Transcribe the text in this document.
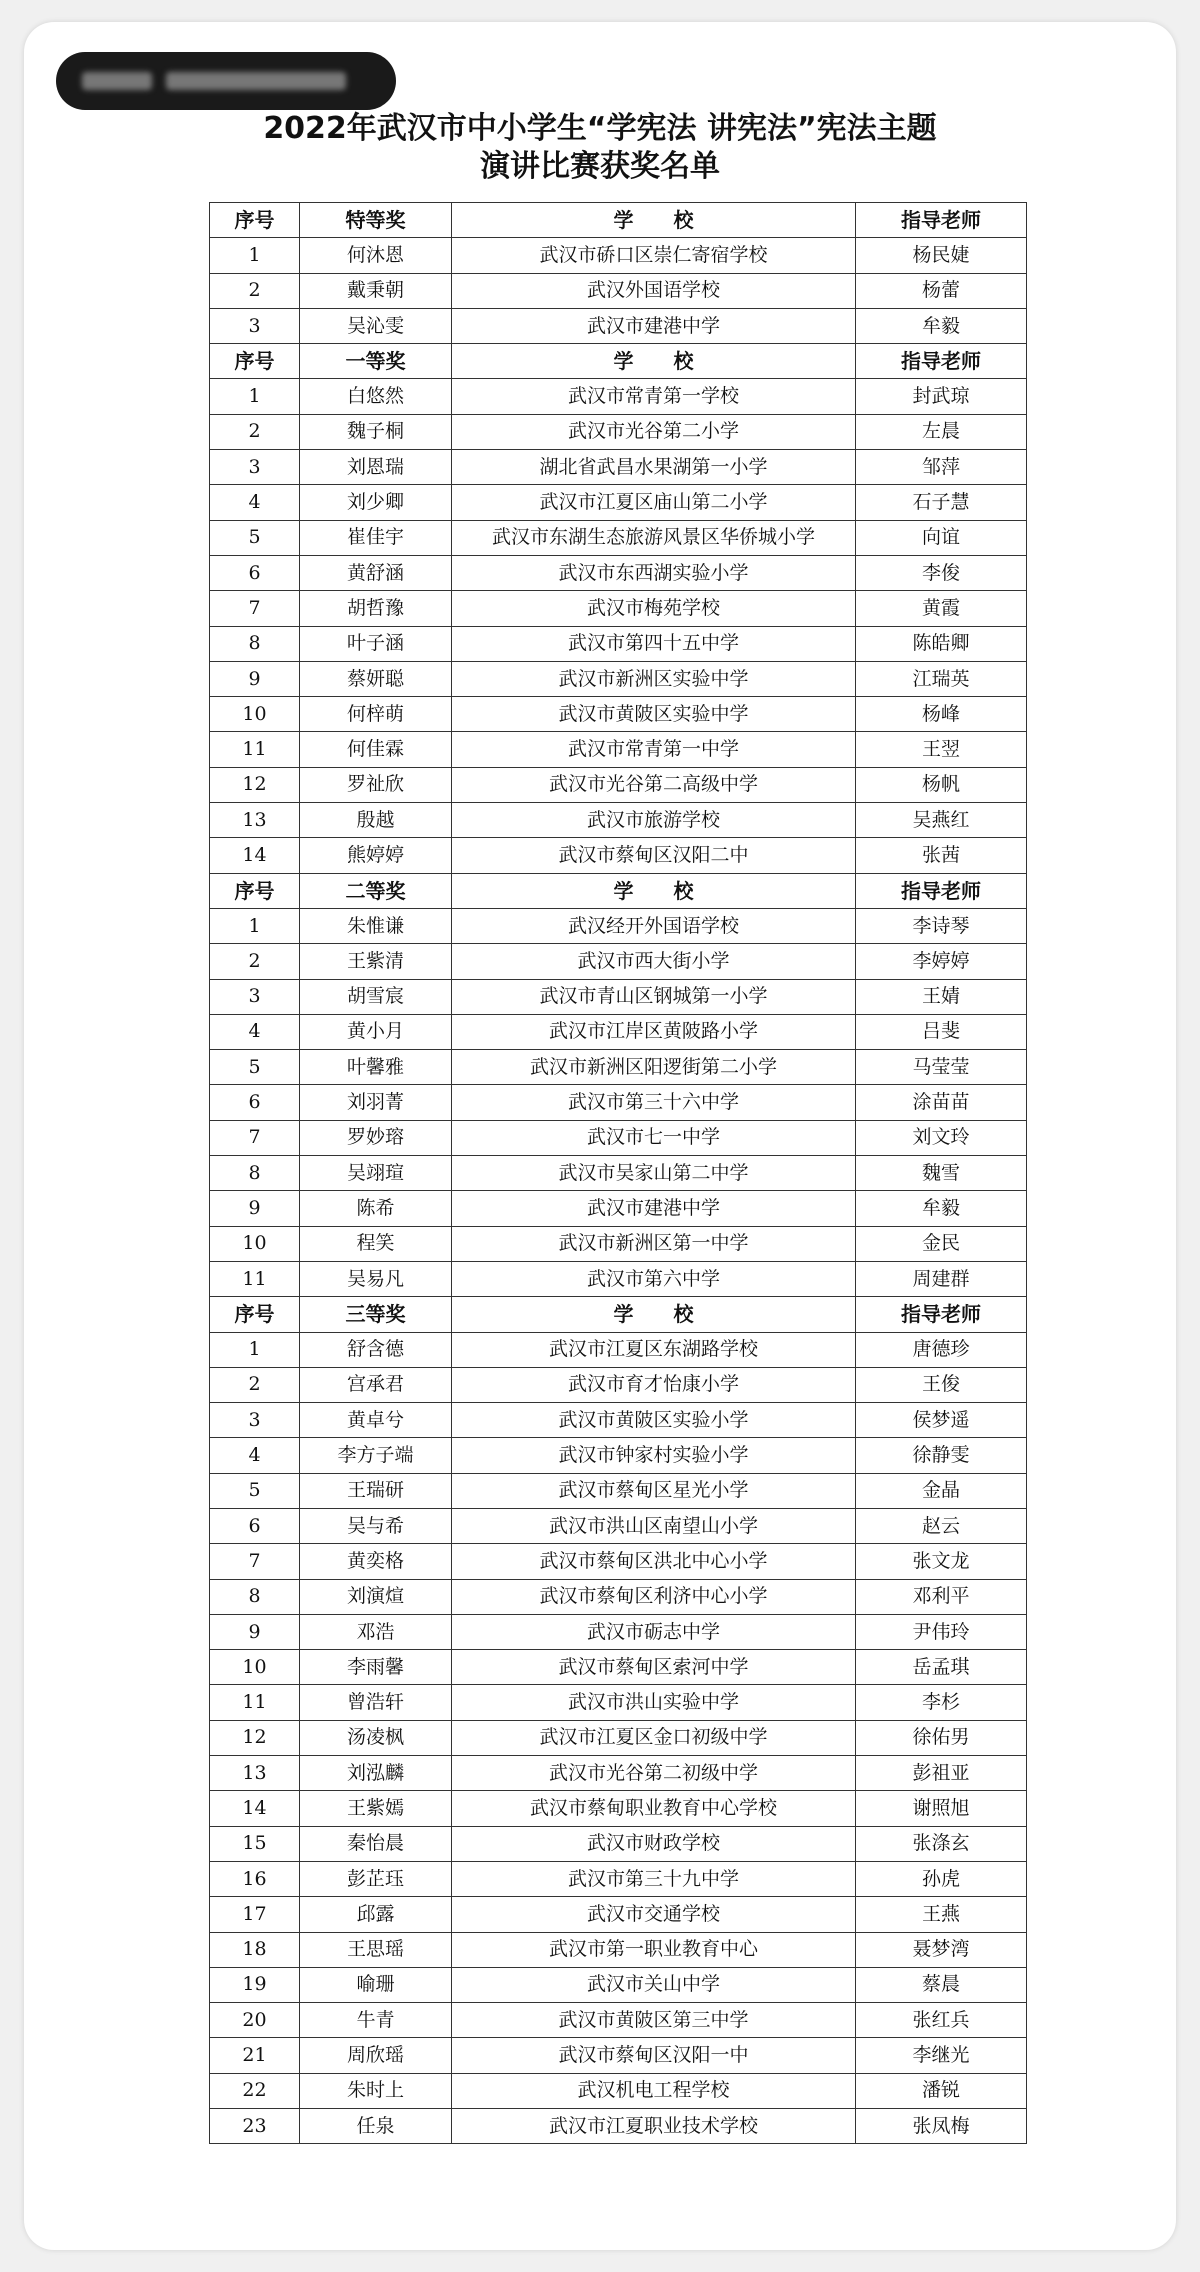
2022年武汉市中小学生“学宪法 讲宪法”宪法主题
演讲比赛获奖名单
序号	特等奖	学　　校	指导老师
1	何沐恩	武汉市硚口区崇仁寄宿学校	杨民婕
2	戴秉朝	武汉外国语学校	杨蕾
3	吴沁雯	武汉市建港中学	牟毅
序号	一等奖	学　　校	指导老师
1	白悠然	武汉市常青第一学校	封武琼
2	魏子桐	武汉市光谷第二小学	左晨
3	刘恩瑞	湖北省武昌水果湖第一小学	邹萍
4	刘少卿	武汉市江夏区庙山第二小学	石子慧
5	崔佳宇	武汉市东湖生态旅游风景区华侨城小学	向谊
6	黄舒涵	武汉市东西湖实验小学	李俊
7	胡哲豫	武汉市梅苑学校	黄霞
8	叶子涵	武汉市第四十五中学	陈皓卿
9	蔡妍聪	武汉市新洲区实验中学	江瑞英
10	何梓萌	武汉市黄陂区实验中学	杨峰
11	何佳霖	武汉市常青第一中学	王翌
12	罗祉欣	武汉市光谷第二高级中学	杨帆
13	殷越	武汉市旅游学校	吴燕红
14	熊婷婷	武汉市蔡甸区汉阳二中	张茜
序号	二等奖	学　　校	指导老师
1	朱惟谦	武汉经开外国语学校	李诗琴
2	王紫清	武汉市西大街小学	李婷婷
3	胡雪宸	武汉市青山区钢城第一小学	王婧
4	黄小月	武汉市江岸区黄陂路小学	吕斐
5	叶馨雅	武汉市新洲区阳逻街第二小学	马莹莹
6	刘羽菁	武汉市第三十六中学	涂苗苗
7	罗妙瑢	武汉市七一中学	刘文玲
8	吴翊瑄	武汉市吴家山第二中学	魏雪
9	陈希	武汉市建港中学	牟毅
10	程笑	武汉市新洲区第一中学	金民
11	吴易凡	武汉市第六中学	周建群
序号	三等奖	学　　校	指导老师
1	舒含德	武汉市江夏区东湖路学校	唐德珍
2	宫承君	武汉市育才怡康小学	王俊
3	黄卓兮	武汉市黄陂区实验小学	侯梦遥
4	李方子端	武汉市钟家村实验小学	徐静雯
5	王瑞研	武汉市蔡甸区星光小学	金晶
6	吴与希	武汉市洪山区南望山小学	赵云
7	黄奕格	武汉市蔡甸区洪北中心小学	张文龙
8	刘演煊	武汉市蔡甸区利济中心小学	邓利平
9	邓浩	武汉市砺志中学	尹伟玲
10	李雨馨	武汉市蔡甸区索河中学	岳孟琪
11	曾浩轩	武汉市洪山实验中学	李杉
12	汤凌枫	武汉市江夏区金口初级中学	徐佑男
13	刘泓麟	武汉市光谷第二初级中学	彭祖亚
14	王紫嫣	武汉市蔡甸职业教育中心学校	谢照旭
15	秦怡晨	武汉市财政学校	张涤玄
16	彭芷珏	武汉市第三十九中学	孙虎
17	邱露	武汉市交通学校	王燕
18	王思瑶	武汉市第一职业教育中心	聂梦湾
19	喻珊	武汉市关山中学	蔡晨
20	牛青	武汉市黄陂区第三中学	张红兵
21	周欣瑶	武汉市蔡甸区汉阳一中	李继光
22	朱时上	武汉机电工程学校	潘锐
23	任泉	武汉市江夏职业技术学校	张凤梅
